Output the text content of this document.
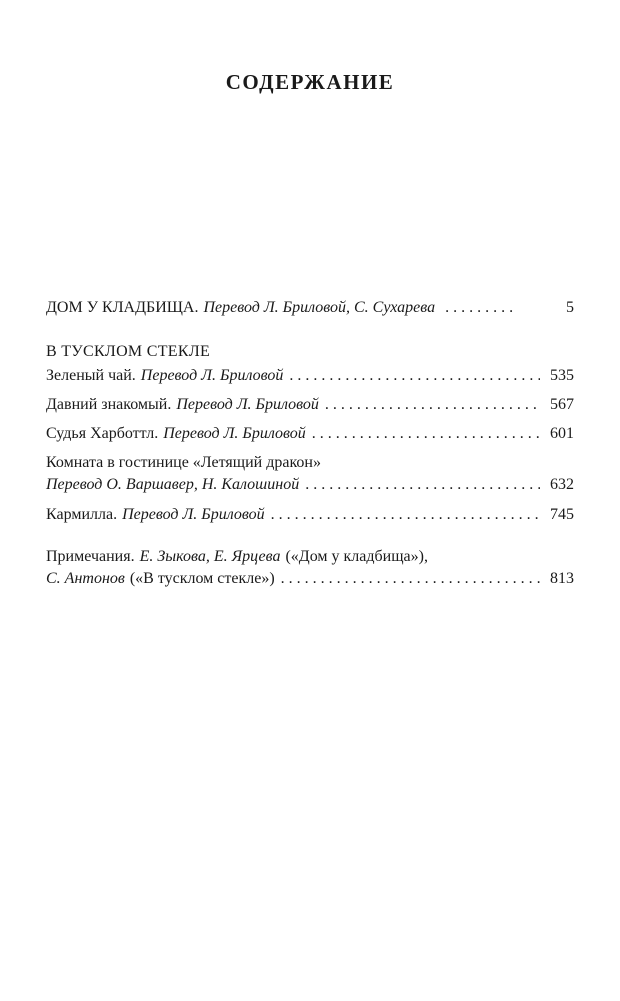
СОДЕРЖАНИЕ
ДОМ У КЛАДБИЩА. Перевод Л. Бриловой, С. Сухарева . . .	5
В ТУСКЛОМ СТЕКЛЕ
Зеленый чай. Перевод Л. Бриловой . . .	535
Давний знакомый. Перевод Л. Бриловой . . .	567
Судья Харботтл. Перевод Л. Бриловой . . .	601
Комната в гостинице «Летящий дракон»
Перевод О. Варшавер, Н. Калошиной . . .	632
Кармилла. Перевод Л. Бриловой . . .	745
Примечания. Е. Зыкова, Е. Ярцева («Дом у кладбища»),
С. Антонов («В тусклом стекле») . . .	813
